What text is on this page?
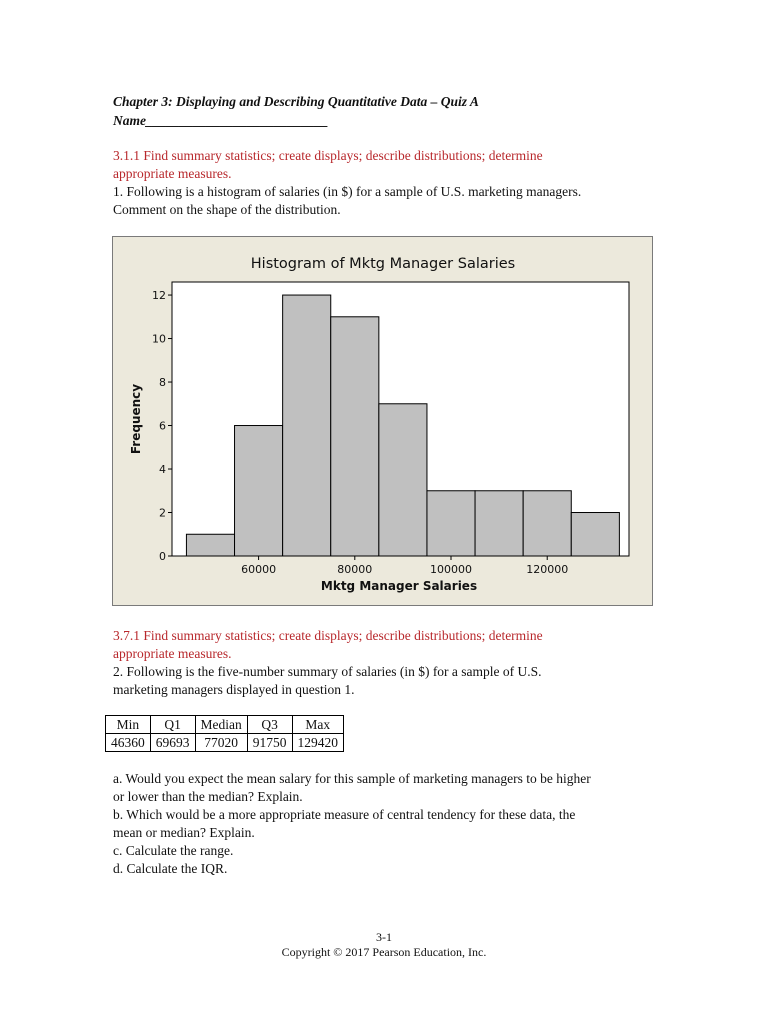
Chapter 3: Displaying and Describing Quantitative Data – Quiz A
Name___________________________
3.1.1 Find summary statistics; create displays; describe distributions; determine
appropriate measures.
1. Following is a histogram of salaries (in $) for a sample of U.S. marketing managers.
Comment on the shape of the distribution.
Histogram of Mktg Manager Salaries
0
2
4
6
8
10
12
60000	80000	100000	120000
Mktg Manager Salaries
Frequency
3.7.1 Find summary statistics; create displays; describe distributions; determine
appropriate measures.
2. Following is the five-number summary of salaries (in $) for a sample of U.S.
marketing managers displayed in question 1.
Min	Q1	Median	Q3	Max
46360	69693	77020	91750	129420
a. Would you expect the mean salary for this sample of marketing managers to be higher
or lower than the median? Explain.
b. Which would be a more appropriate measure of central tendency for these data, the
mean or median? Explain.
c. Calculate the range.
d. Calculate the IQR.
3-1
Copyright © 2017 Pearson Education, Inc.
